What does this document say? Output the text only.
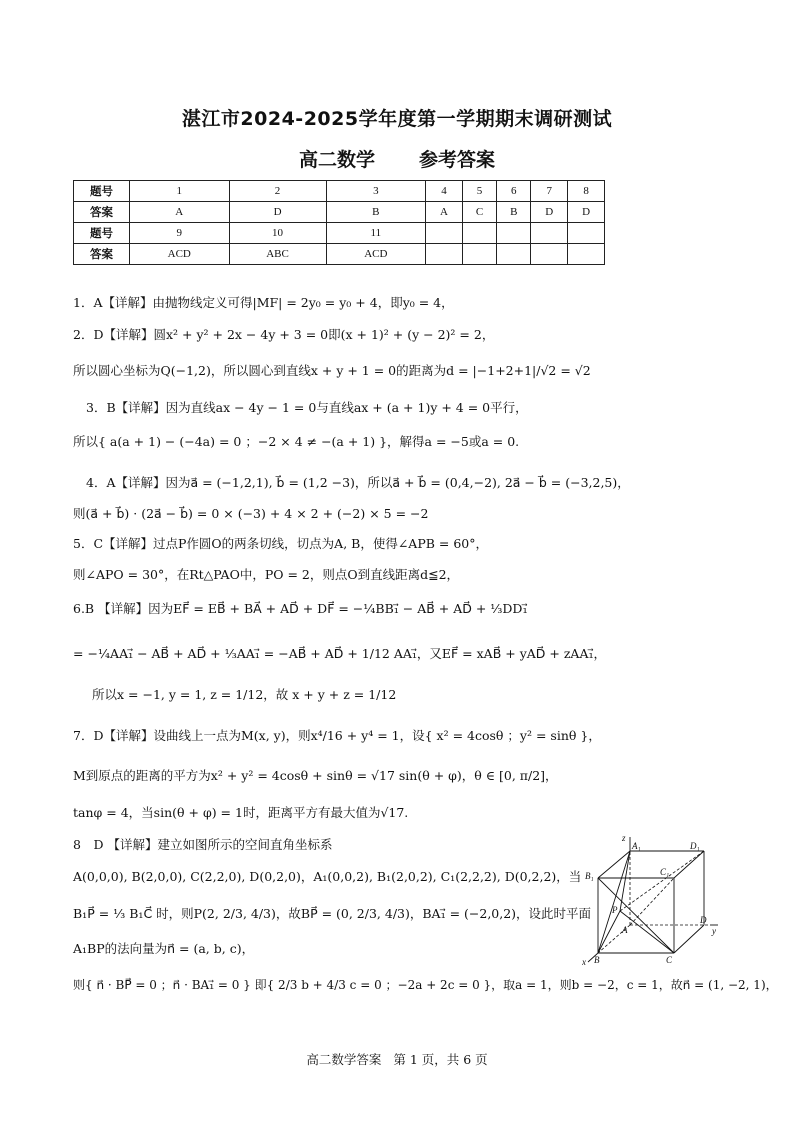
湛江市2024-2025学年度第一学期期末调研测试
高二数学 参考答案
题号	1	2	3	4	5	6	7	8
答案	A	D	B	A	C	B	D	D
题号	9	10	11					
答案	ACD	ABC	ACD					
1．A【详解】由抛物线定义可得|MF| = 2y₀ = y₀ + 4，即y₀ = 4，
2．D【详解】圆x² + y² + 2x − 4y + 3 = 0即(x + 1)² + (y − 2)² = 2，
所以圆心坐标为Q(−1,2)，所以圆心到直线x + y + 1 = 0的距离为d = |−1+2+1|/√2 = √2
3．B【详解】因为直线ax − 4y − 1 = 0与直线ax + (a + 1)y + 4 = 0平行，
所以{ a(a + 1) − (−4a) = 0 ；−2 × 4 ≠ −(a + 1) }，解得a = −5或a = 0.
4．A【详解】因为a⃗ = (−1,2,1), b⃗ = (1,2 −3)，所以a⃗ + b⃗ = (0,4,−2), 2a⃗ − b⃗ = (−3,2,5)，
则(a⃗ + b⃗) · (2a⃗ − b⃗) = 0 × (−3) + 4 × 2 + (−2) × 5 = −2
5．C【详解】过点P作圆O的两条切线，切点为A, B，使得∠APB = 60°，
则∠APO = 30°，在Rt△PAO中，PO = 2，则点O到直线距离d≦2，
6.B 【详解】因为EF⃗ = EB⃗ + BA⃗ + AD⃗ + DF⃗ = −¼BB₁⃗ − AB⃗ + AD⃗ + ⅓DD₁⃗
= −¼AA₁⃗ − AB⃗ + AD⃗ + ⅓AA₁⃗ = −AB⃗ + AD⃗ + 1/12 AA₁⃗，又EF⃗ = xAB⃗ + yAD⃗ + zAA₁⃗，
所以x = −1, y = 1, z = 1/12，故 x + y + z = 1/12
7．D【详解】设曲线上一点为M(x, y)，则x⁴/16 + y⁴ = 1，设{ x² = 4cosθ ；y² = sinθ }，
M到原点的距离的平方为x² + y² = 4cosθ + sinθ = √17 sin(θ + φ)，θ ∈ [0, π/2]，
tanφ = 4，当sin(θ + φ) = 1时，距离平方有最大值为√17.
8　D 【详解】建立如图所示的空间直角坐标系
A(0,0,0), B(2,0,0), C(2,2,0), D(0,2,0)，A₁(0,0,2), B₁(2,0,2), C₁(2,2,2), D(0,2,2)，当
B₁P⃗ = ⅓ B₁C⃗ 时，则P(2, 2/3, 4/3)，故BP⃗ = (0, 2/3, 4/3)，BA₁⃗ = (−2,0,2)，设此时平面
A₁BP的法向量为n⃗ = (a, b, c)，
则{ n⃗ · BP⃗ = 0 ；n⃗ · BA₁⃗ = 0 } 即{ 2/3 b + 4/3 c = 0 ；−2a + 2c = 0 }，取a = 1，则b = −2，c = 1，故n⃗ = (1, −2, 1)，
z
A₁	D₁
B₁	C₁
P
A
D
y
x B	C
高二数学答案 第 1 页，共 6 页
